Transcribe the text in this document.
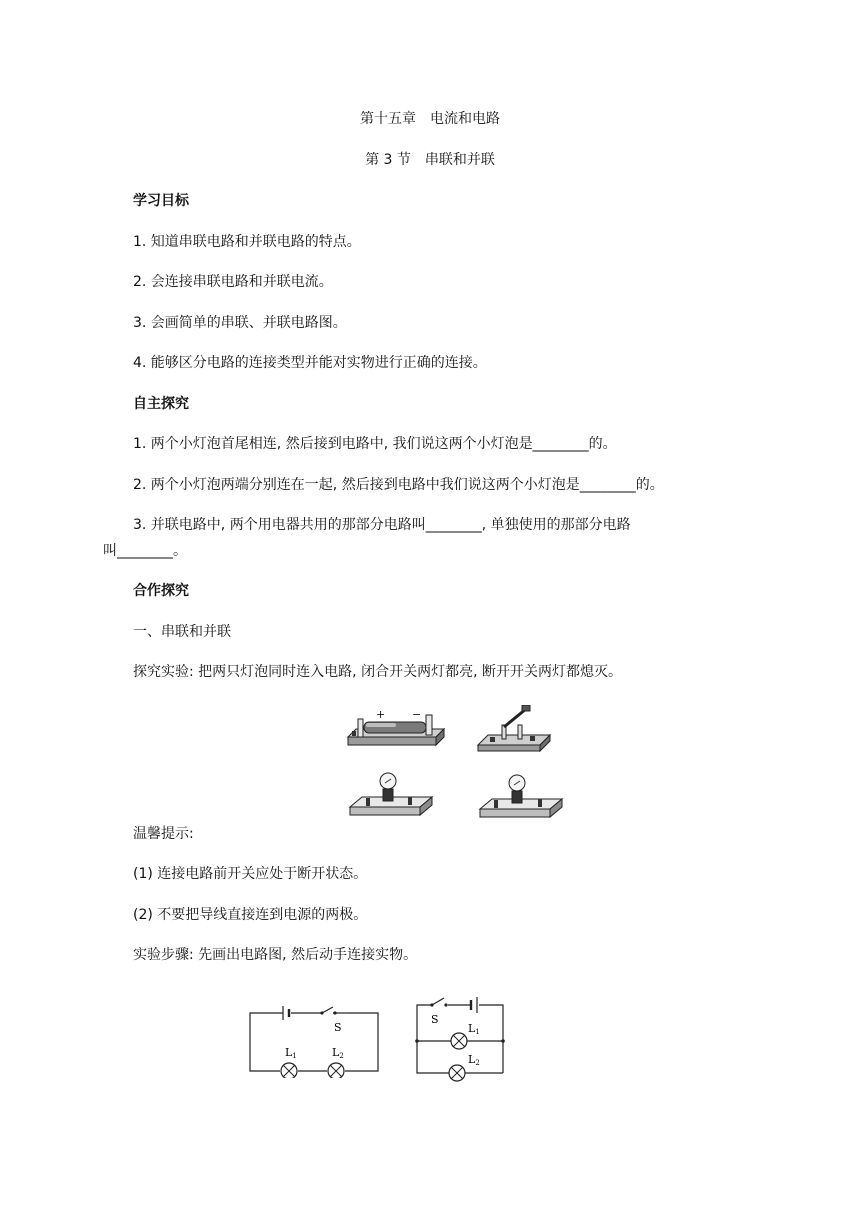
第十五章　电流和电路
第 3 节　串联和并联
学习目标
1. 知道串联电路和并联电路的特点。
2. 会连接串联电路和并联电流。
3. 会画简单的串联、并联电路图。
4. 能够区分电路的连接类型并能对实物进行正确的连接。
自主探究
1. 两个小灯泡首尾相连, 然后接到电路中, 我们说这两个小灯泡是________的。
2. 两个小灯泡两端分别连在一起, 然后接到电路中我们说这两个小灯泡是________的。
3. 并联电路中, 两个用电器共用的那部分电路叫________, 单独使用的那部分电路
叫________。
合作探究
一、串联和并联
探究实验: 把两只灯泡同时连入电路, 闭合开关两灯都亮, 断开开关两灯都熄灭。
+ −
温馨提示:
(1) 连接电路前开关应处于断开状态。
(2) 不要把导线直接连到电源的两极。
实验步骤: 先画出电路图, 然后动手连接实物。
S
L1	L2
S
L1
L2
